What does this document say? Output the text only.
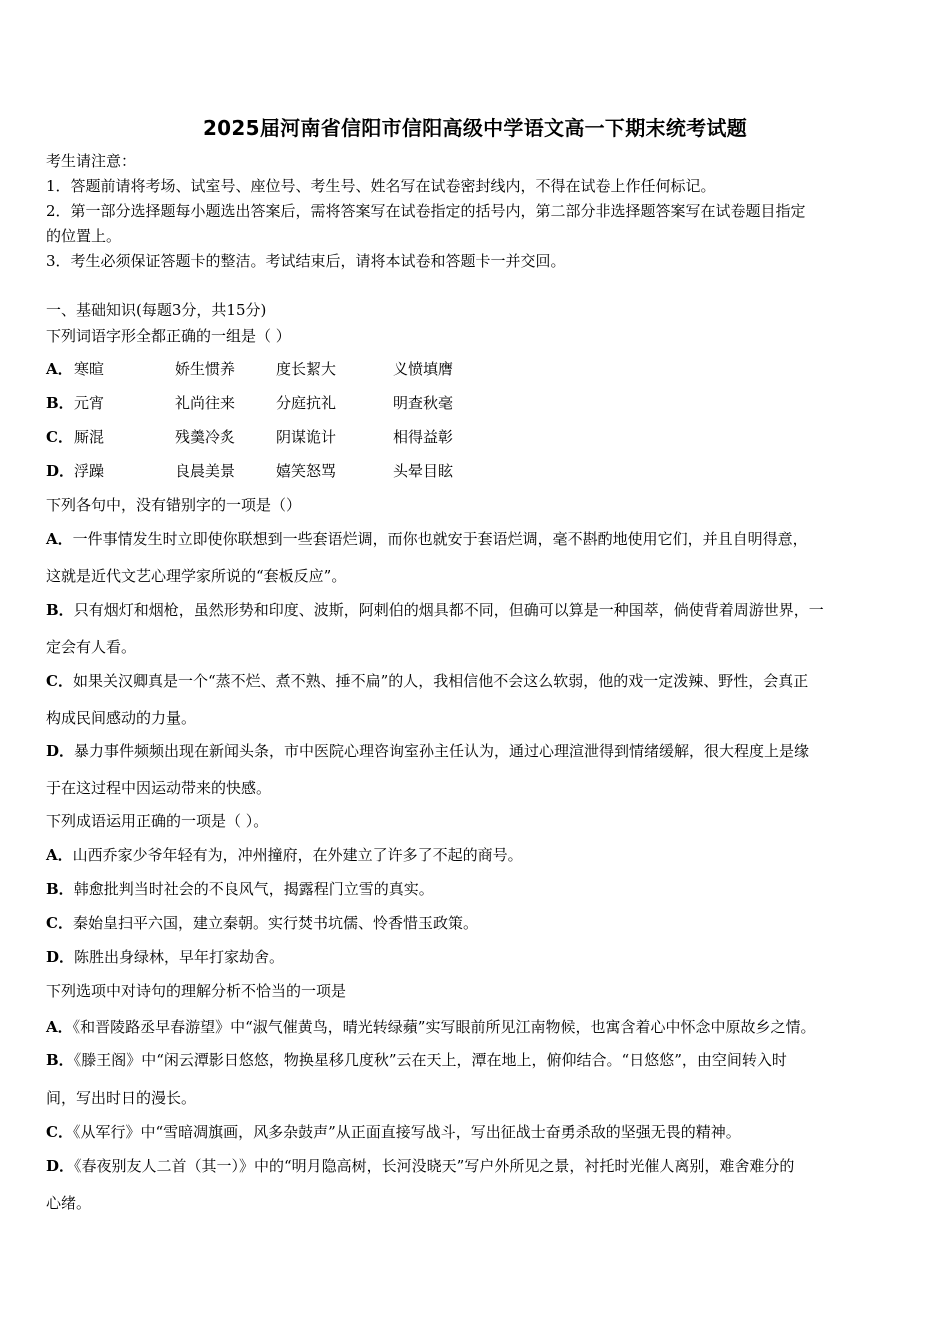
2025届河南省信阳市信阳高级中学语文高一下期末统考试题
考生请注意：
1．答题前请将考场、试室号、座位号、考生号、姓名写在试卷密封线内，不得在试卷上作任何标记。
2．第一部分选择题每小题选出答案后，需将答案写在试卷指定的括号内，第二部分非选择题答案写在试卷题目指定
的位置上。
3．考生必须保证答题卡的整洁。考试结束后，请将本试卷和答题卡一并交回。
一、基础知识(每题3分，共15分)
下列词语字形全都正确的一组是（ ）
A． 寒暄	娇生惯养	度长絜大	义愤填膺
B． 元宵	礼尚往来	分庭抗礼	明查秋毫
C． 厮混	残羹冷炙	阴谋诡计	相得益彰
D． 浮躁	良晨美景	嬉笑怒骂	头晕目眩
下列各句中，没有错别字的一项是（）
A．一件事情发生时立即使你联想到一些套语烂调，而你也就安于套语烂调，毫不斟酌地使用它们，并且自明得意，
这就是近代文艺心理学家所说的“套板反应”。
B．只有烟灯和烟枪，虽然形势和印度、波斯，阿剌伯的烟具都不同，但确可以算是一种国萃，倘使背着周游世界，一
定会有人看。
C．如果关汉卿真是一个“蒸不烂、煮不熟、捶不扁”的人，我相信他不会这么软弱，他的戏一定泼辣、野性，会真正
构成民间感动的力量。
D．暴力事件频频出现在新闻头条，市中医院心理咨询室孙主任认为，通过心理渲泄得到情绪缓解，很大程度上是缘
于在这过程中因运动带来的快感。
下列成语运用正确的一项是（ ）。
A．山西乔家少爷年轻有为，冲州撞府，在外建立了许多了不起的商号。
B．韩愈批判当时社会的不良风气，揭露程门立雪的真实。
C．秦始皇扫平六国，建立秦朝。实行焚书坑儒、怜香惜玉政策。
D．陈胜出身绿林，早年打家劫舍。
下列选项中对诗句的理解分析不恰当的一项是
A．《和晋陵路丞早春游望》中“淑气催黄鸟，晴光转绿蘋”实写眼前所见江南物候，也寓含着心中怀念中原故乡之情。
B．《滕王阁》中“闲云潭影日悠悠，物换星移几度秋”云在天上，潭在地上，俯仰结合。“日悠悠”，由空间转入时
间，写出时日的漫长。
C．《从军行》中“雪暗凋旗画，风多杂鼓声”从正面直接写战斗，写出征战士奋勇杀敌的坚强无畏的精神。
D．《春夜别友人二首（其一）》中的“明月隐高树，长河没晓天”写户外所见之景，衬托时光催人离别，难舍难分的
心绪。
